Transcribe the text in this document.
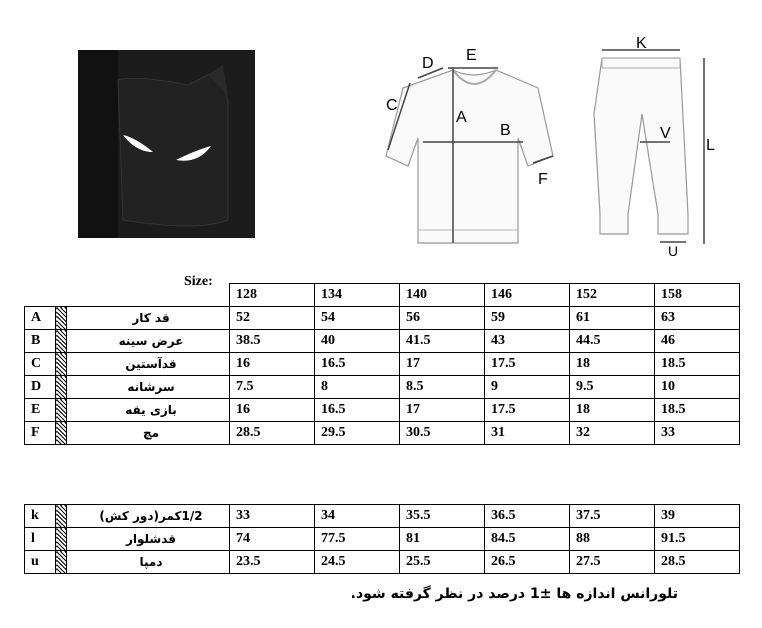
A
B
C
D E
F
K
V
L
U
Size:
			128	134	140	146	152	158
A		قد کار	52	54	56	59	61	63
B		عرض سینه	38.5	40	41.5	43	44.5	46
C		قدآستین	16	16.5	17	17.5	18	18.5
D		سرشانه	7.5	8	8.5	9	9.5	10
E		بازی یقه	16	16.5	17	17.5	18	18.5
F		مچ	28.5	29.5	30.5	31	32	33
k		1/2کمر(دور کش)	33	34	35.5	36.5	37.5	39
l		قدشلوار	74	77.5	81	84.5	88	91.5
u		دمپا	23.5	24.5	25.5	26.5	27.5	28.5
تلورانس اندازه ها ±1 درصد در نظر گرفته شود.
